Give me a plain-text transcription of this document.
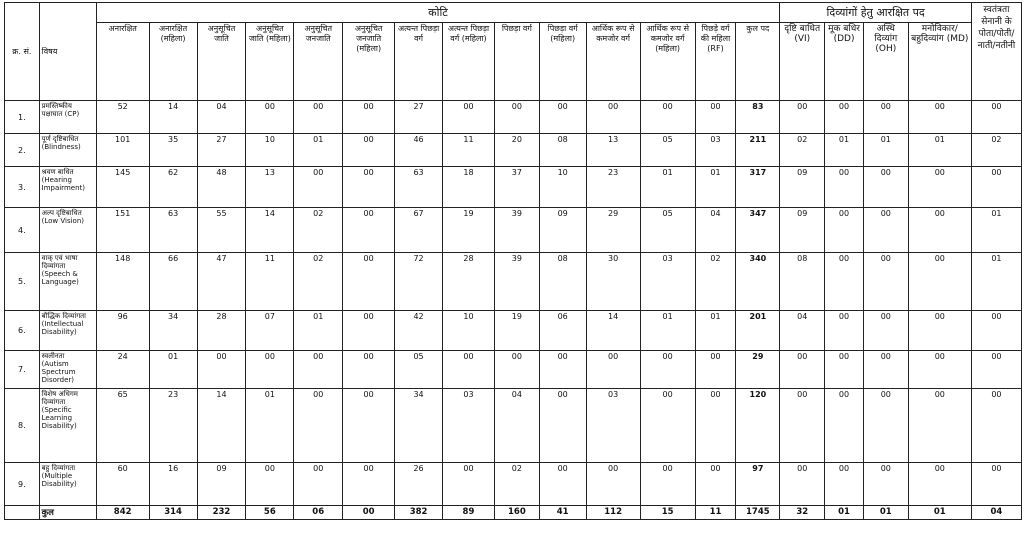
क्र. सं.	विषय	कोटि														दिव्यांगों हेतु आरक्षित पद				स्वतंत्रता सेनानी के पोता/पोती/नाती/नतीनी
		अनारक्षित	अनारक्षित (महिला)	अनुसूचित जाति	अनुसूचित जाति (महिला)	अनुसूचित जनजाति	अनुसूचित जनजाति (महिला)	अत्यन्त पिछड़ा वर्ग	अत्यन्त पिछड़ा वर्ग (महिला)	पिछड़ा वर्ग	पिछड़ा वर्ग (महिला)	आर्थिक रूप से कमजोर वर्ग	आर्थिक रूप से कमजोर वर्ग (महिला)	पिछड़े वर्ग की महिला (RF)	कुल पद	दृष्टि बाधित (VI)	मूक बधिर (DD)	अस्थि दिव्यांग (OH)	मनोविकार/बहुदिव्यांग (MD)	
1.	प्रमस्तिष्कीय पक्षाघात (CP)	52	14	04	00	00	00	27	00	00	00	00	00	00	83	00	00	00	00	00
2.	पूर्ण दृष्टिबाधित (Blindness)	101	35	27	10	01	00	46	11	20	08	13	05	03	211	02	01	01	01	02
3.	श्रवण बाधित (Hearing Impairment)	145	62	48	13	00	00	63	18	37	10	23	01	01	317	09	00	00	00	00
4.	अल्प दृष्टिबाधित (Low Vision)	151	63	55	14	02	00	67	19	39	09	29	05	04	347	09	00	00	00	01
5.	वाक् एवं भाषा दिव्यांगता (Speech & Language)	148	66	47	11	02	00	72	28	39	08	30	03	02	340	08	00	00	00	01
6.	बौद्धिक दिव्यांगता (Intellectual Disability)	96	34	28	07	01	00	42	10	19	06	14	01	01	201	04	00	00	00	00
7.	स्वलीनता (Autism Spectrum Disorder)	24	01	00	00	00	00	05	00	00	00	00	00	00	29	00	00	00	00	00
8.	विशेष अधिगम दिव्यांगता (Specific Learning Disability)	65	23	14	01	00	00	34	03	04	00	03	00	00	120	00	00	00	00	00
9.	बहु दिव्यांगता (Multiple Disability)	60	16	09	00	00	00	26	00	02	00	00	00	00	97	00	00	00	00	00
	कुल	842	314	232	56	06	00	382	89	160	41	112	15	11	1745	32	01	01	01	04
